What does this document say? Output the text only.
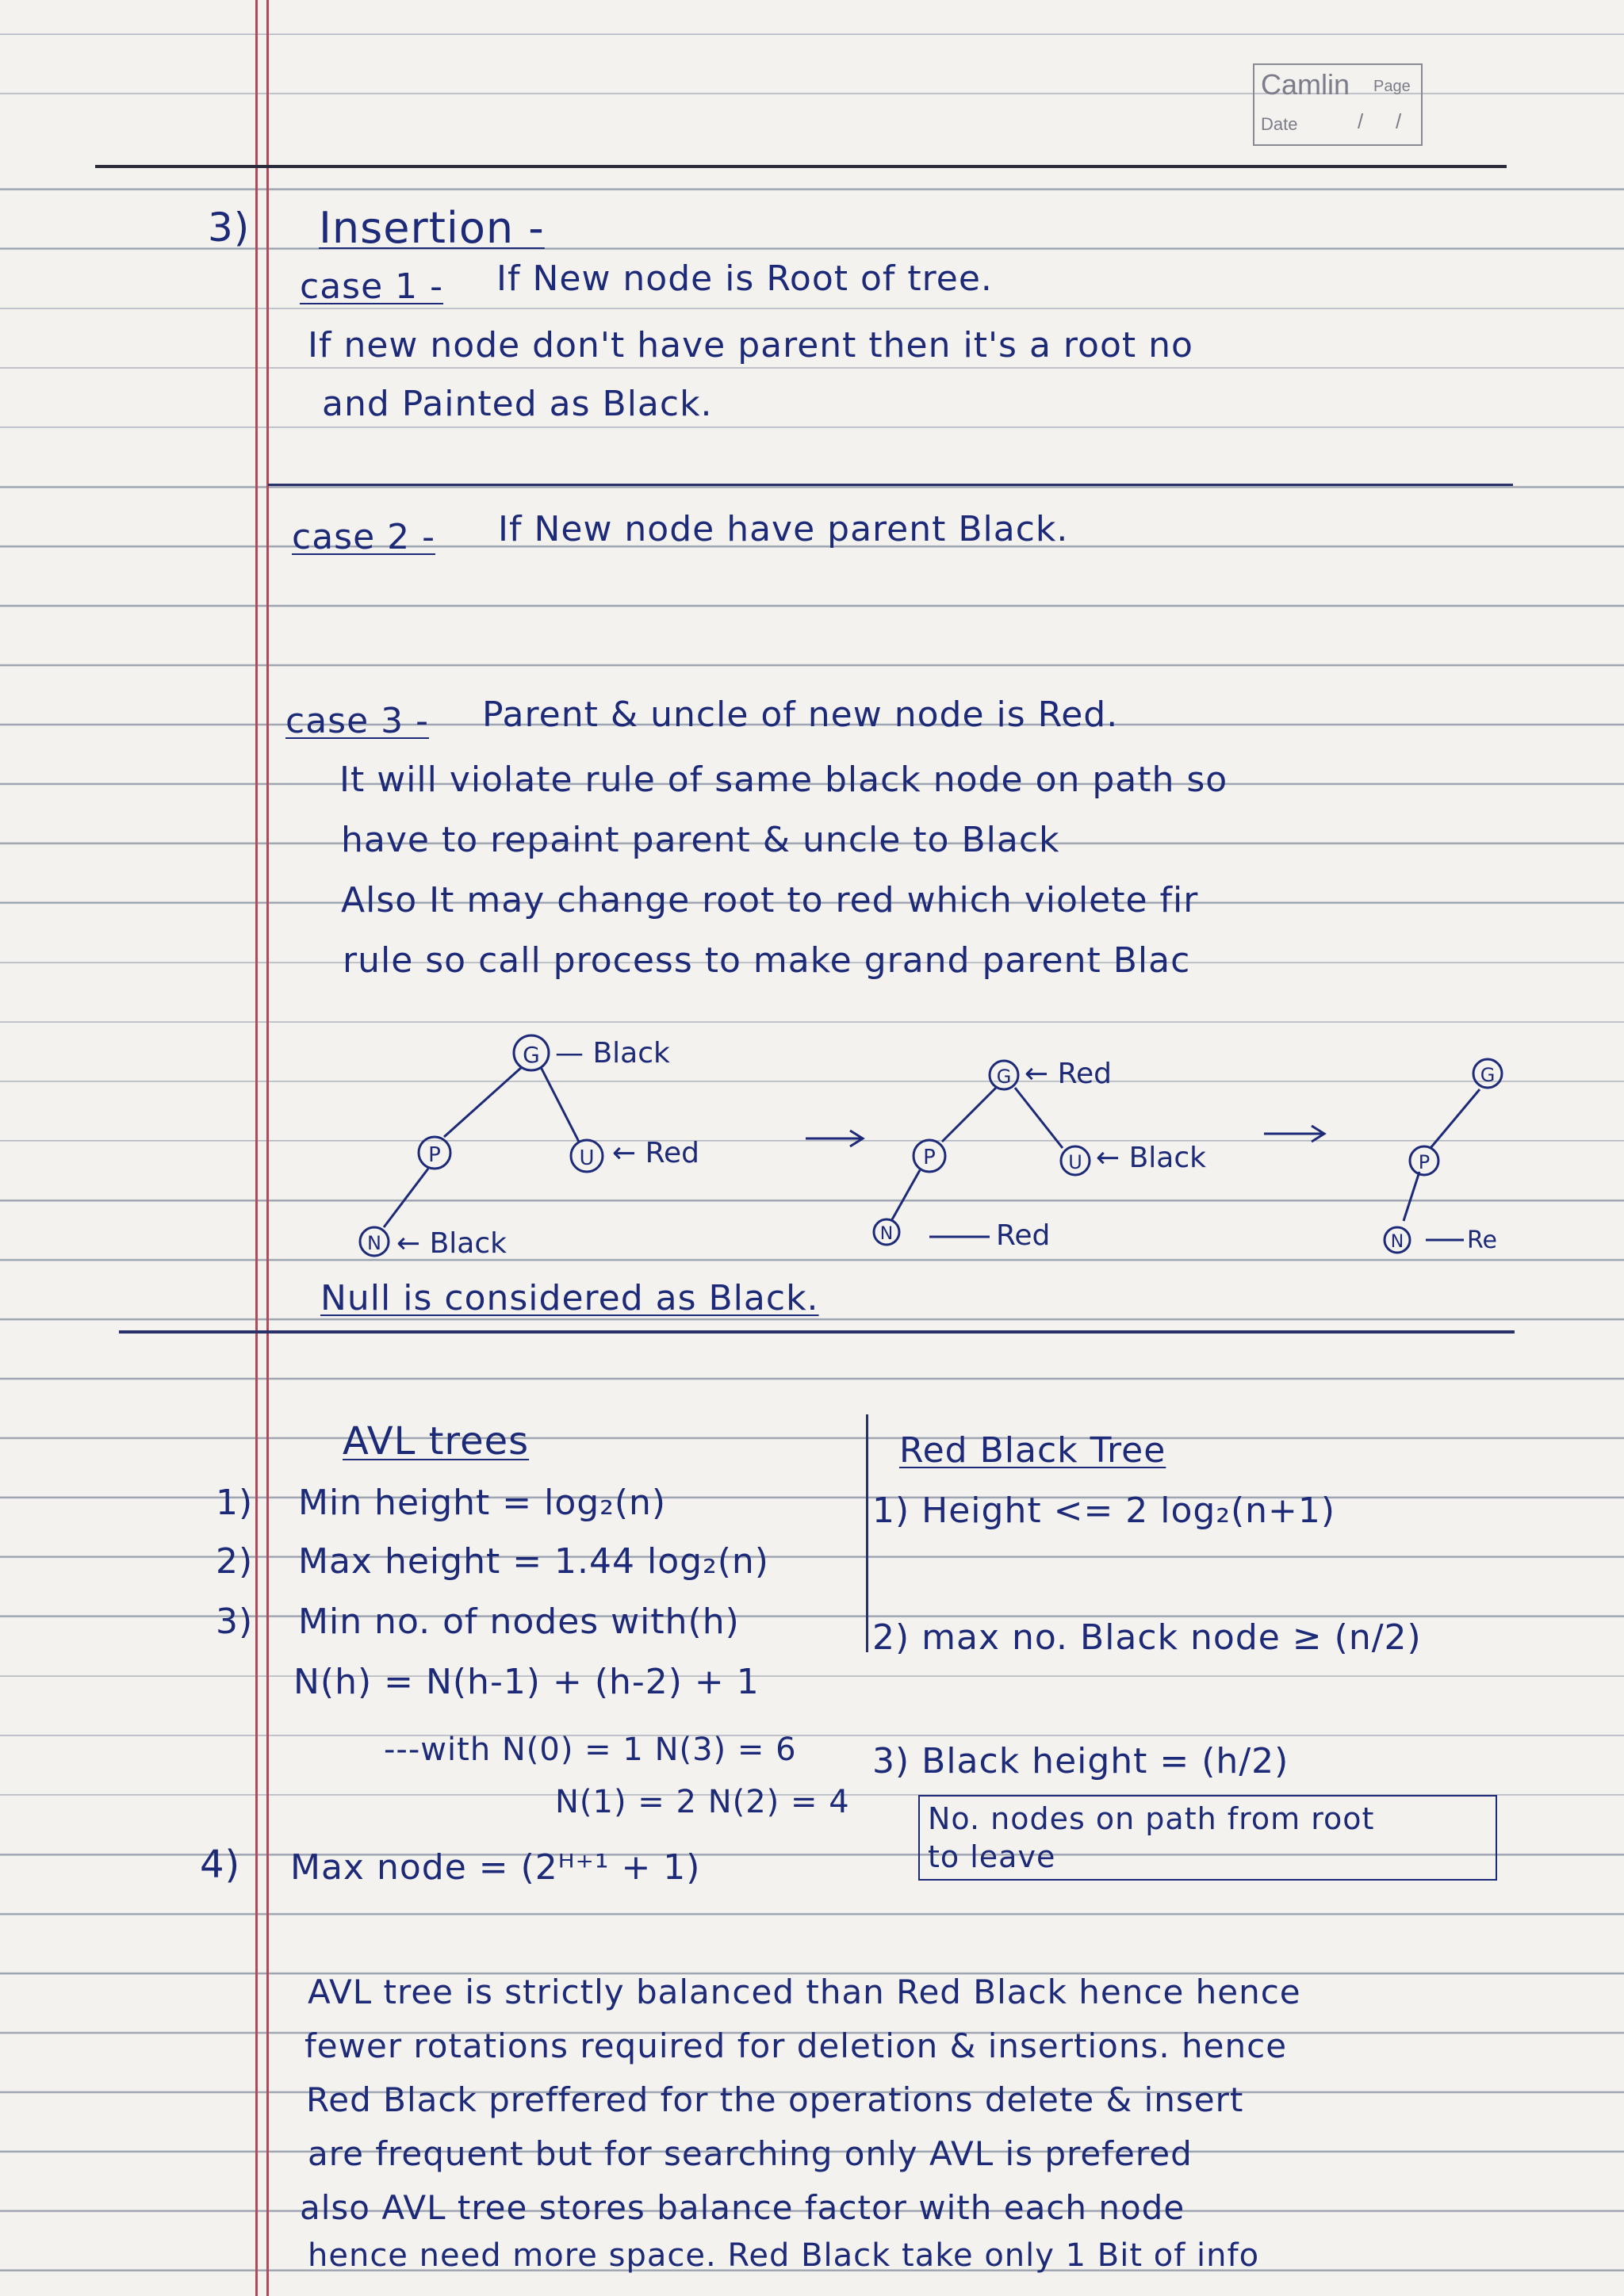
Camlin Page
Date	/ /
3) Insertion -
case 1 - If New node is Root of tree.
If new node don't have parent then it's a root no
and Painted as Black.
case 2 - If New node have parent Black.
case 3 - Parent & uncle of new node is Red.
It will violate rule of same black node on path so
have to repaint parent & uncle to Black
Also It may change root to red which violete fir
rule so call process to make grand parent Blac
G
P	U
N
G
P	U
N
G
P
N
— Black
← Red
← Black
← Red
← Black
Red	Re
Null is considered as Black.
AVL trees	Red Black Tree
1) Min height = log₂(n)
2) Max height = 1.44 log₂(n)
3) Min no. of nodes with(h)
N(h) = N(h-1) + (h-2) + 1
---with N(0) = 1 N(3) = 6
N(1) = 2 N(2) = 4
4) Max node = (2ᴴ⁺¹ + 1)
1) Height <= 2 log₂(n+1)
2) max no. Black node ≥ (n/2)
3) Black height = (h/2)
No. nodes on path from root
to leave
AVL tree is strictly balanced than Red Black hence hence
fewer rotations required for deletion & insertions. hence
Red Black preffered for the operations delete & insert
are frequent but for searching only AVL is prefered
also AVL tree stores balance factor with each node
hence need more space. Red Black take only 1 Bit of info
